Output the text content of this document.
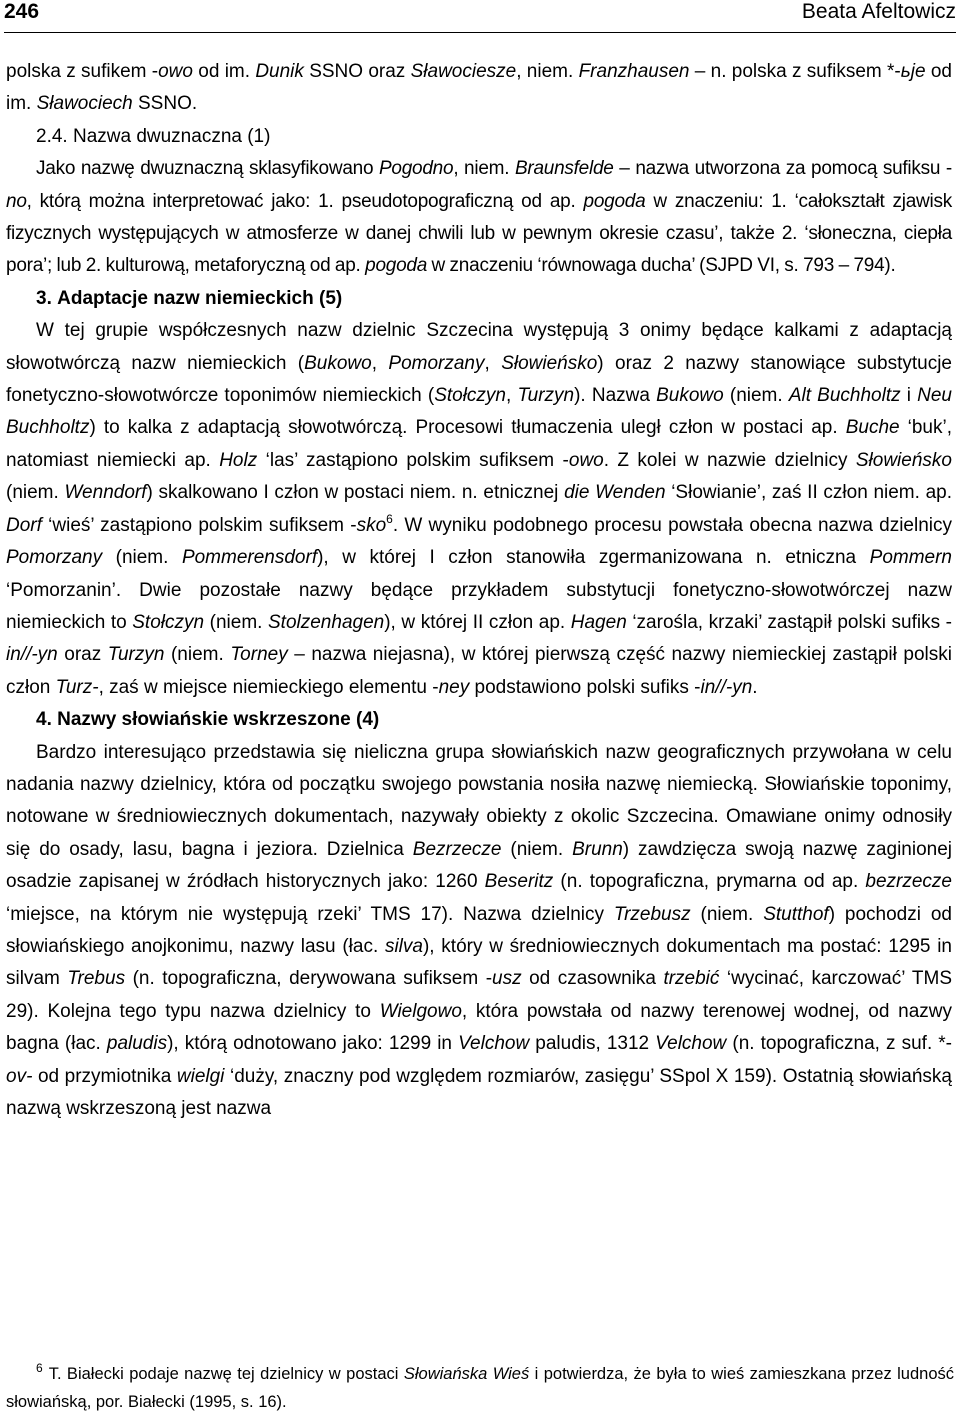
246	Beata Afeltowicz

polska z sufikem -owo od im. Dunik SSNO oraz Sławociesze, niem. Franzhausen – n. polska z sufiksem *-ьje od im. Sławociech SSNO.

2.4. Nazwa dwuznaczna (1)

Jako nazwę dwuznaczną sklasyfikowano Pogodno, niem. Braunsfelde – nazwa utworzona za pomocą sufiksu -no, którą można interpretować jako: 1. pseudotopograficzną od ap. pogoda w znaczeniu: 1. ‘całokształt zjawisk fizycznych występujących w atmosferze w danej chwili lub w pewnym okresie czasu’, także 2. ‘słoneczna, ciepła pora’; lub 2. kulturową, metaforyczną od ap. pogoda w znaczeniu ‘równowaga ducha’ (SJPD VI, s. 793 – 794).

3. Adaptacje nazw niemieckich (5)

W tej grupie współczesnych nazw dzielnic Szczecina występują 3 onimy będące kalkami z adaptacją słowotwórczą nazw niemieckich (Bukowo, Pomorzany, Słowieńsko) oraz 2 nazwy stanowiące substytucje fonetyczno-słowotwórcze toponimów niemieckich (Stołczyn, Turzyn). Nazwa Bukowo (niem. Alt Buchholtz i Neu Buchholtz) to kalka z adaptacją słowotwórczą. Procesowi tłumaczenia uległ człon w postaci ap. Buche ‘buk’, natomiast niemiecki ap. Holz ‘las’ zastąpiono polskim sufiksem -owo. Z kolei w nazwie dzielnicy Słowieńsko (niem. Wenndorf) skalkowano I człon w postaci niem. n. etnicznej die Wenden ‘Słowianie’, zaś II człon niem. ap. Dorf ‘wieś’ zastąpiono polskim sufiksem -sko$^6$. W wyniku podobnego procesu powstała obecna nazwa dzielnicy Pomorzany (niem. Pommerensdorf), w której I człon stanowiła zgermanizowana n. etniczna Pommern ‘Pomorzanin’. Dwie pozostałe nazwy będące przykładem substytucji fonetyczno-słowotwórczej nazw niemieckich to Stołczyn (niem. Stolzenhagen), w której II człon ap. Hagen ‘zarośla, krzaki’ zastąpił polski sufiks -in//-yn oraz Turzyn (niem. Torney – nazwa niejasna), w której pierwszą część nazwy niemieckiej zastąpił polski człon Turz-, zaś w miejsce niemieckiego elementu -ney podstawiono polski sufiks -in//-yn.

4. Nazwy słowiańskie wskrzeszone (4)

Bardzo interesująco przedstawia się nieliczna grupa słowiańskich nazw geograficznych przywołana w celu nadania nazwy dzielnicy, która od początku swojego powstania nosiła nazwę niemiecką. Słowiańskie toponimy, notowane w średniowiecznych dokumentach, nazywały obiekty z okolic Szczecina. Omawiane onimy odnosiły się do osady, lasu, bagna i jeziora. Dzielnica Bezrzecze (niem. Brunn) zawdzięcza swoją nazwę zaginionej osadzie zapisanej w źródłach historycznych jako: 1260 Beseritz (n. topograficzna, prymarna od ap. bezrzecze ‘miejsce, na którym nie występują rzeki’ TMS 17). Nazwa dzielnicy Trzebusz (niem. Stutthof) pochodzi od słowiańskiego anojkonimu, nazwy lasu (łac. silva), który w średniowiecznych dokumentach ma postać: 1295 in silvam Trebus (n. topograficzna, derywowana sufiksem -usz od czasownika trzebić ‘wycinać, karczować’ TMS 29). Kolejna tego typu nazwa dzielnicy to Wielgowo, która powstała od nazwy terenowej wodnej, od nazwy bagna (łac. paludis), którą odnotowano jako: 1299 in Velchow paludis, 1312 Velchow (n. topograficzna, z suf. *-ov- od przymiotnika wielgi ‘duży, znaczny pod względem rozmiarów, zasięgu’ SSpol X 159). Ostatnią słowiańską nazwą wskrzeszoną jest nazwa

$^6$ T. Białecki podaje nazwę tej dzielnicy w postaci Słowiańska Wieś i potwierdza, że była to wieś zamieszkana przez ludność słowiańską, por. Białecki (1995, s. 16).
